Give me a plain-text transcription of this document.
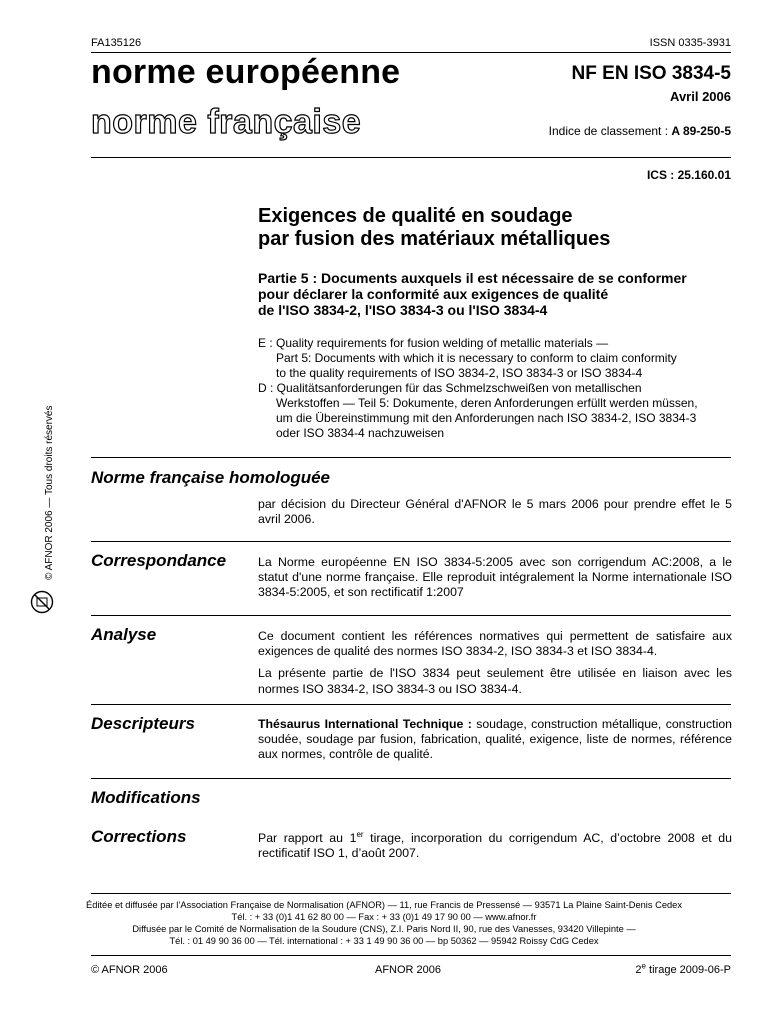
FA135126	ISSN 0335-3931
norme européenne
norme française
NF EN ISO 3834-5
Avril 2006
Indice de classement : A 89-250-5
ICS : 25.160.01
Exigences de qualité en soudage
par fusion des matériaux métalliques
Partie 5 : Documents auxquels il est nécessaire de se conformer
pour déclarer la conformité aux exigences de qualité
de l'ISO 3834-2, l'ISO 3834-3 ou l'ISO 3834-4
E : Quality requirements for fusion welding of metallic materials —
Part 5: Documents with which it is necessary to conform to claim conformity
to the quality requirements of ISO 3834-2, ISO 3834-3 or ISO 3834-4
D : Qualitätsanforderungen für das Schmelzschweißen von metallischen
Werkstoffen — Teil 5: Dokumente, deren Anforderungen erfüllt werden müssen,
um die Übereinstimmung mit den Anforderungen nach ISO 3834-2, ISO 3834-3
oder ISO 3834-4 nachzuweisen
Norme française homologuée
par décision du Directeur Général d'AFNOR le 5 mars 2006 pour prendre effet le 5 avril 2006.
Correspondance	La Norme européenne EN ISO 3834-5:2005 avec son corrigendum AC:2008, a le statut d'une norme française. Elle reproduit intégralement la Norme internationale ISO 3834-5:2005, et son rectificatif 1:2007
Analyse	Ce document contient les références normatives qui permettent de satisfaire aux exigences de qualité des normes ISO 3834-2, ISO 3834-3 et ISO 3834-4.

La présente partie de l'ISO 3834 peut seulement être utilisée en liaison avec les normes ISO 3834-2, ISO 3834-3 ou ISO 3834-4.

Descripteurs	Thésaurus International Technique : soudage, construction métallique, construction soudée, soudage par fusion, fabrication, qualité, exigence, liste de normes, référence aux normes, contrôle de qualité.
Modifications
Corrections	Par rapport au 1er tirage, incorporation du corrigendum AC, d’octobre 2008 et du rectificatif ISO 1, d’août 2007.
© AFNOR 2006 — Tous droits réservés
Éditée et diffusée par l’Association Française de Normalisation (AFNOR) — 11, rue Francis de Pressensé — 93571 La Plaine Saint-Denis Cedex
Tél. : + 33 (0)1 41 62 80 00 — Fax : + 33 (0)1 49 17 90 00 — www.afnor.fr
Diffusée par le Comité de Normalisation de la Soudure (CNS), Z.I. Paris Nord II, 90, rue des Vanesses, 93420 Villepinte —
Tél. : 01 49 90 36 00 — Tél. international : + 33 1 49 90 36 00 — bp 50362 — 95942 Roissy CdG Cedex
© AFNOR 2006	AFNOR 2006	2e tirage 2009-06-P
